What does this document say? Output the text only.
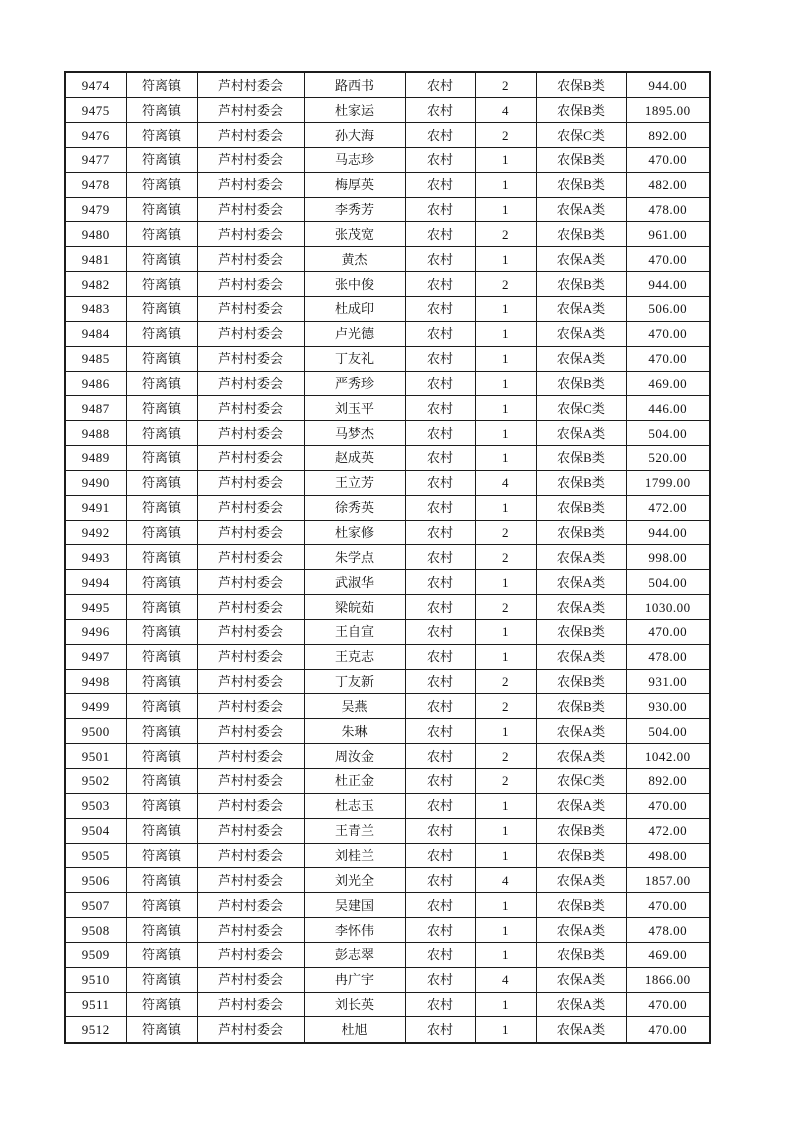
9474	符离镇	芦村村委会	路西书	农村	2	农保B类	944.00
9475	符离镇	芦村村委会	杜家运	农村	4	农保B类	1895.00
9476	符离镇	芦村村委会	孙大海	农村	2	农保C类	892.00
9477	符离镇	芦村村委会	马志珍	农村	1	农保B类	470.00
9478	符离镇	芦村村委会	梅厚英	农村	1	农保B类	482.00
9479	符离镇	芦村村委会	李秀芳	农村	1	农保A类	478.00
9480	符离镇	芦村村委会	张茂宽	农村	2	农保B类	961.00
9481	符离镇	芦村村委会	黄杰	农村	1	农保A类	470.00
9482	符离镇	芦村村委会	张中俊	农村	2	农保B类	944.00
9483	符离镇	芦村村委会	杜成印	农村	1	农保A类	506.00
9484	符离镇	芦村村委会	卢光德	农村	1	农保A类	470.00
9485	符离镇	芦村村委会	丁友礼	农村	1	农保A类	470.00
9486	符离镇	芦村村委会	严秀珍	农村	1	农保B类	469.00
9487	符离镇	芦村村委会	刘玉平	农村	1	农保C类	446.00
9488	符离镇	芦村村委会	马梦杰	农村	1	农保A类	504.00
9489	符离镇	芦村村委会	赵成英	农村	1	农保B类	520.00
9490	符离镇	芦村村委会	王立芳	农村	4	农保B类	1799.00
9491	符离镇	芦村村委会	徐秀英	农村	1	农保B类	472.00
9492	符离镇	芦村村委会	杜家修	农村	2	农保B类	944.00
9493	符离镇	芦村村委会	朱学点	农村	2	农保A类	998.00
9494	符离镇	芦村村委会	武淑华	农村	1	农保A类	504.00
9495	符离镇	芦村村委会	梁皖茹	农村	2	农保A类	1030.00
9496	符离镇	芦村村委会	王自宣	农村	1	农保B类	470.00
9497	符离镇	芦村村委会	王克志	农村	1	农保A类	478.00
9498	符离镇	芦村村委会	丁友新	农村	2	农保B类	931.00
9499	符离镇	芦村村委会	吴燕	农村	2	农保B类	930.00
9500	符离镇	芦村村委会	朱琳	农村	1	农保A类	504.00
9501	符离镇	芦村村委会	周汝金	农村	2	农保A类	1042.00
9502	符离镇	芦村村委会	杜正金	农村	2	农保C类	892.00
9503	符离镇	芦村村委会	杜志玉	农村	1	农保A类	470.00
9504	符离镇	芦村村委会	王青兰	农村	1	农保B类	472.00
9505	符离镇	芦村村委会	刘桂兰	农村	1	农保B类	498.00
9506	符离镇	芦村村委会	刘光全	农村	4	农保A类	1857.00
9507	符离镇	芦村村委会	吴建国	农村	1	农保B类	470.00
9508	符离镇	芦村村委会	李怀伟	农村	1	农保A类	478.00
9509	符离镇	芦村村委会	彭志翠	农村	1	农保B类	469.00
9510	符离镇	芦村村委会	冉广宇	农村	4	农保A类	1866.00
9511	符离镇	芦村村委会	刘长英	农村	1	农保A类	470.00
9512	符离镇	芦村村委会	杜旭	农村	1	农保A类	470.00
